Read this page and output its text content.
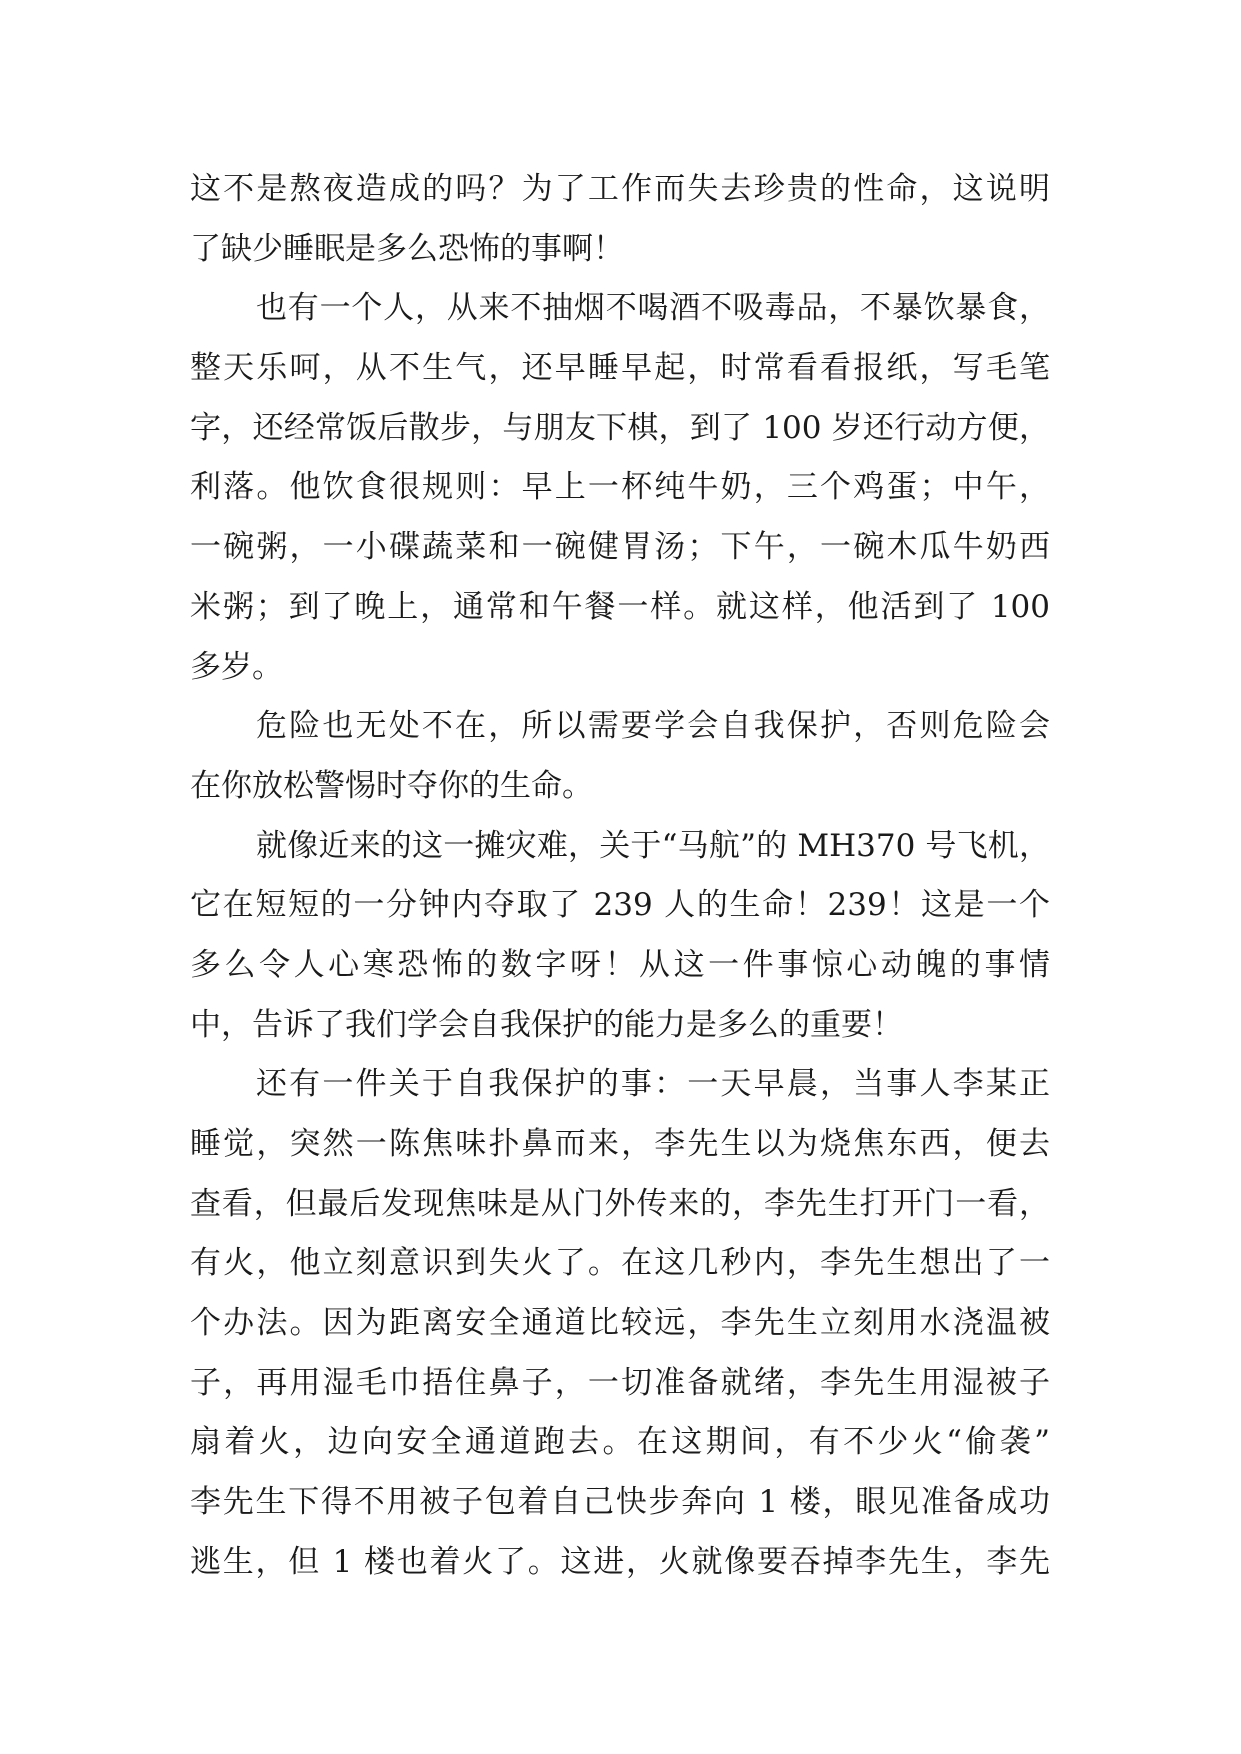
这不是熬夜造成的吗？为了工作而失去珍贵的性命，这说明
了缺少睡眠是多么恐怖的事啊！
也有一个人，从来不抽烟不喝酒不吸毒品，不暴饮暴食，
整天乐呵，从不生气，还早睡早起，时常看看报纸，写毛笔
字，还经常饭后散步，与朋友下棋，到了 100 岁还行动方便，
利落。他饮食很规则：早上一杯纯牛奶，三个鸡蛋；中午，
一碗粥，一小碟蔬菜和一碗健胃汤；下午，一碗木瓜牛奶西
米粥；到了晚上，通常和午餐一样。就这样，他活到了 100
多岁。
危险也无处不在，所以需要学会自我保护，否则危险会
在你放松警惕时夺你的生命。
就像近来的这一摊灾难，关于“马航”的 MH370 号飞机，
它在短短的一分钟内夺取了 239 人的生命！239！这是一个
多么令人心寒恐怖的数字呀！从这一件事惊心动魄的事情
中，告诉了我们学会自我保护的能力是多么的重要！
还有一件关于自我保护的事：一天早晨，当事人李某正
睡觉，突然一陈焦味扑鼻而来，李先生以为烧焦东西，便去
查看，但最后发现焦味是从门外传来的，李先生打开门一看，
有火，他立刻意识到失火了。在这几秒内，李先生想出了一
个办法。因为距离安全通道比较远，李先生立刻用水浇温被
子，再用湿毛巾捂住鼻子，一切准备就绪，李先生用湿被子
扇着火，边向安全通道跑去。在这期间，有不少火“偷袭”
李先生下得不用被子包着自己快步奔向 1 楼，眼见准备成功
逃生，但 1 楼也着火了。这进，火就像要吞掉李先生，李先
